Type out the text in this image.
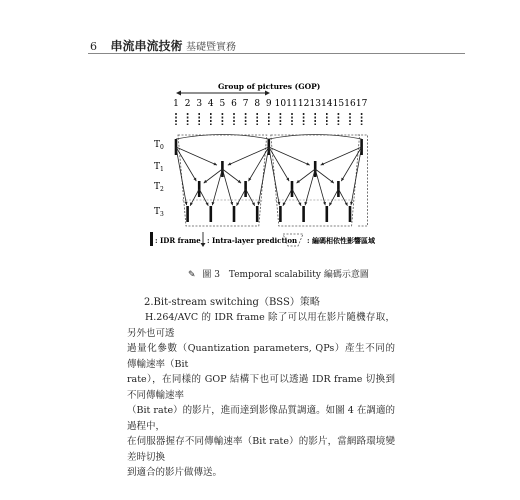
6 串流串流技術 基礎暨實務
Group of pictures (GOP)
1 2 3 4 5 6 7 8 9 10 11 12 13 14 15 16 17
$T_0$
$T_1$
$T_2$
$T_3$
: IDR frame : Intra-layer prediction : 編碼相依性影響區域
✎ 圖 3 Temporal scalability 編碼示意圖
2.Bit-stream switching（BSS）策略
H.264/AVC 的 IDR frame 除了可以用在影片隨機存取，另外也可透
過量化參數（Quantization parameters, QPs）產生不同的傳輸速率（Bit
rate），在同樣的 GOP 結構下也可以透過 IDR frame 切換到不同傳輸速率
（Bit rate）的影片，進而達到影像品質調適。如圖 4 在調適的過程中，
在伺服器握存不同傳輸速率（Bit rate）的影片，當網路環境變差時切換
到適合的影片做傳送。
